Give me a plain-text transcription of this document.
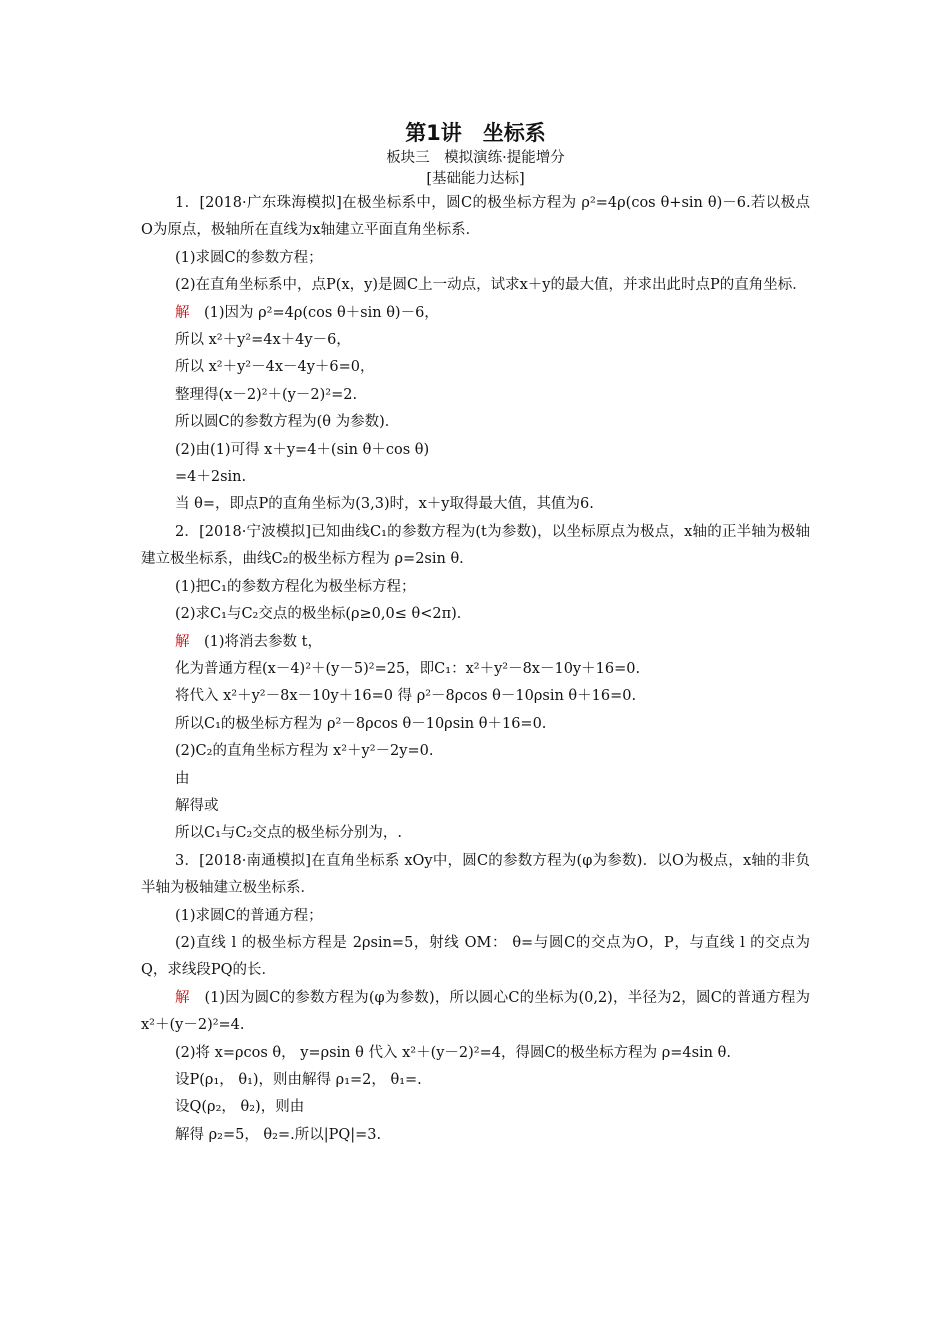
第1讲　坐标系

板块三　模拟演练·提能增分

[基础能力达标]

1．[2018·广东珠海模拟]在极坐标系中，圆C的极坐标方程为 ρ²=4ρ(cos θ+sin θ)－6.若以极点O为原点，极轴所在直线为x轴建立平面直角坐标系．

(1)求圆C的参数方程；

(2)在直角坐标系中，点P(x，y)是圆C上一动点，试求x＋y的最大值，并求出此时点P的直角坐标．

解　 (1)因为 ρ²=4ρ(cos θ＋sin θ)－6，

所以 x²＋y²=4x＋4y－6，

所以 x²＋y²－4x－4y＋6=0，

整理得(x－2)²＋(y－2)²=2.

所以圆C的参数方程为(θ 为参数)．

(2)由(1)可得 x＋y=4＋(sin θ＋cos θ)

=4＋2sin.

当 θ=，即点P的直角坐标为(3,3)时，x＋y取得最大值，其值为6.

2．[2018·宁波模拟]已知曲线C₁的参数方程为(t为参数)，以坐标原点为极点，x轴的正半轴为极轴建立极坐标系，曲线C₂的极坐标方程为 ρ=2sin θ.

(1)把C₁的参数方程化为极坐标方程；

(2)求C₁与C₂交点的极坐标(ρ≥0,0≤ θ<2π)．

解　 (1)将消去参数 t，

化为普通方程(x－4)²＋(y－5)²=25，即C₁：x²＋y²－8x－10y＋16=0.

将代入 x²＋y²－8x－10y＋16=0 得 ρ²－8ρcos θ－10ρsin θ＋16=0.

所以C₁的极坐标方程为 ρ²－8ρcos θ－10ρsin θ＋16=0.

(2)C₂的直角坐标方程为 x²＋y²－2y=0.

由

解得或

所以C₁与C₂交点的极坐标分别为，.

3．[2018·南通模拟]在直角坐标系 xOy中，圆C的参数方程为(φ为参数)．以O为极点，x轴的非负半轴为极轴建立极坐标系．

(1)求圆C的普通方程；

(2)直线 l 的极坐标方程是 2ρsin=5，射线 OM： θ=与圆C的交点为O，P，与直线 l 的交点为Q，求线段PQ的长．

解　 (1)因为圆C的参数方程为(φ为参数)，所以圆心C的坐标为(0,2)，半径为2，圆C的普通方程为 x²＋(y－2)²=4.

(2)将 x=ρcos θ， y=ρsin θ 代入 x²＋(y－2)²=4，得圆C的极坐标方程为 ρ=4sin θ.

设P(ρ₁， θ₁)，则由解得 ρ₁=2， θ₁=.

设Q(ρ₂， θ₂)，则由

解得 ρ₂=5， θ₂=.所以|PQ|=3.
